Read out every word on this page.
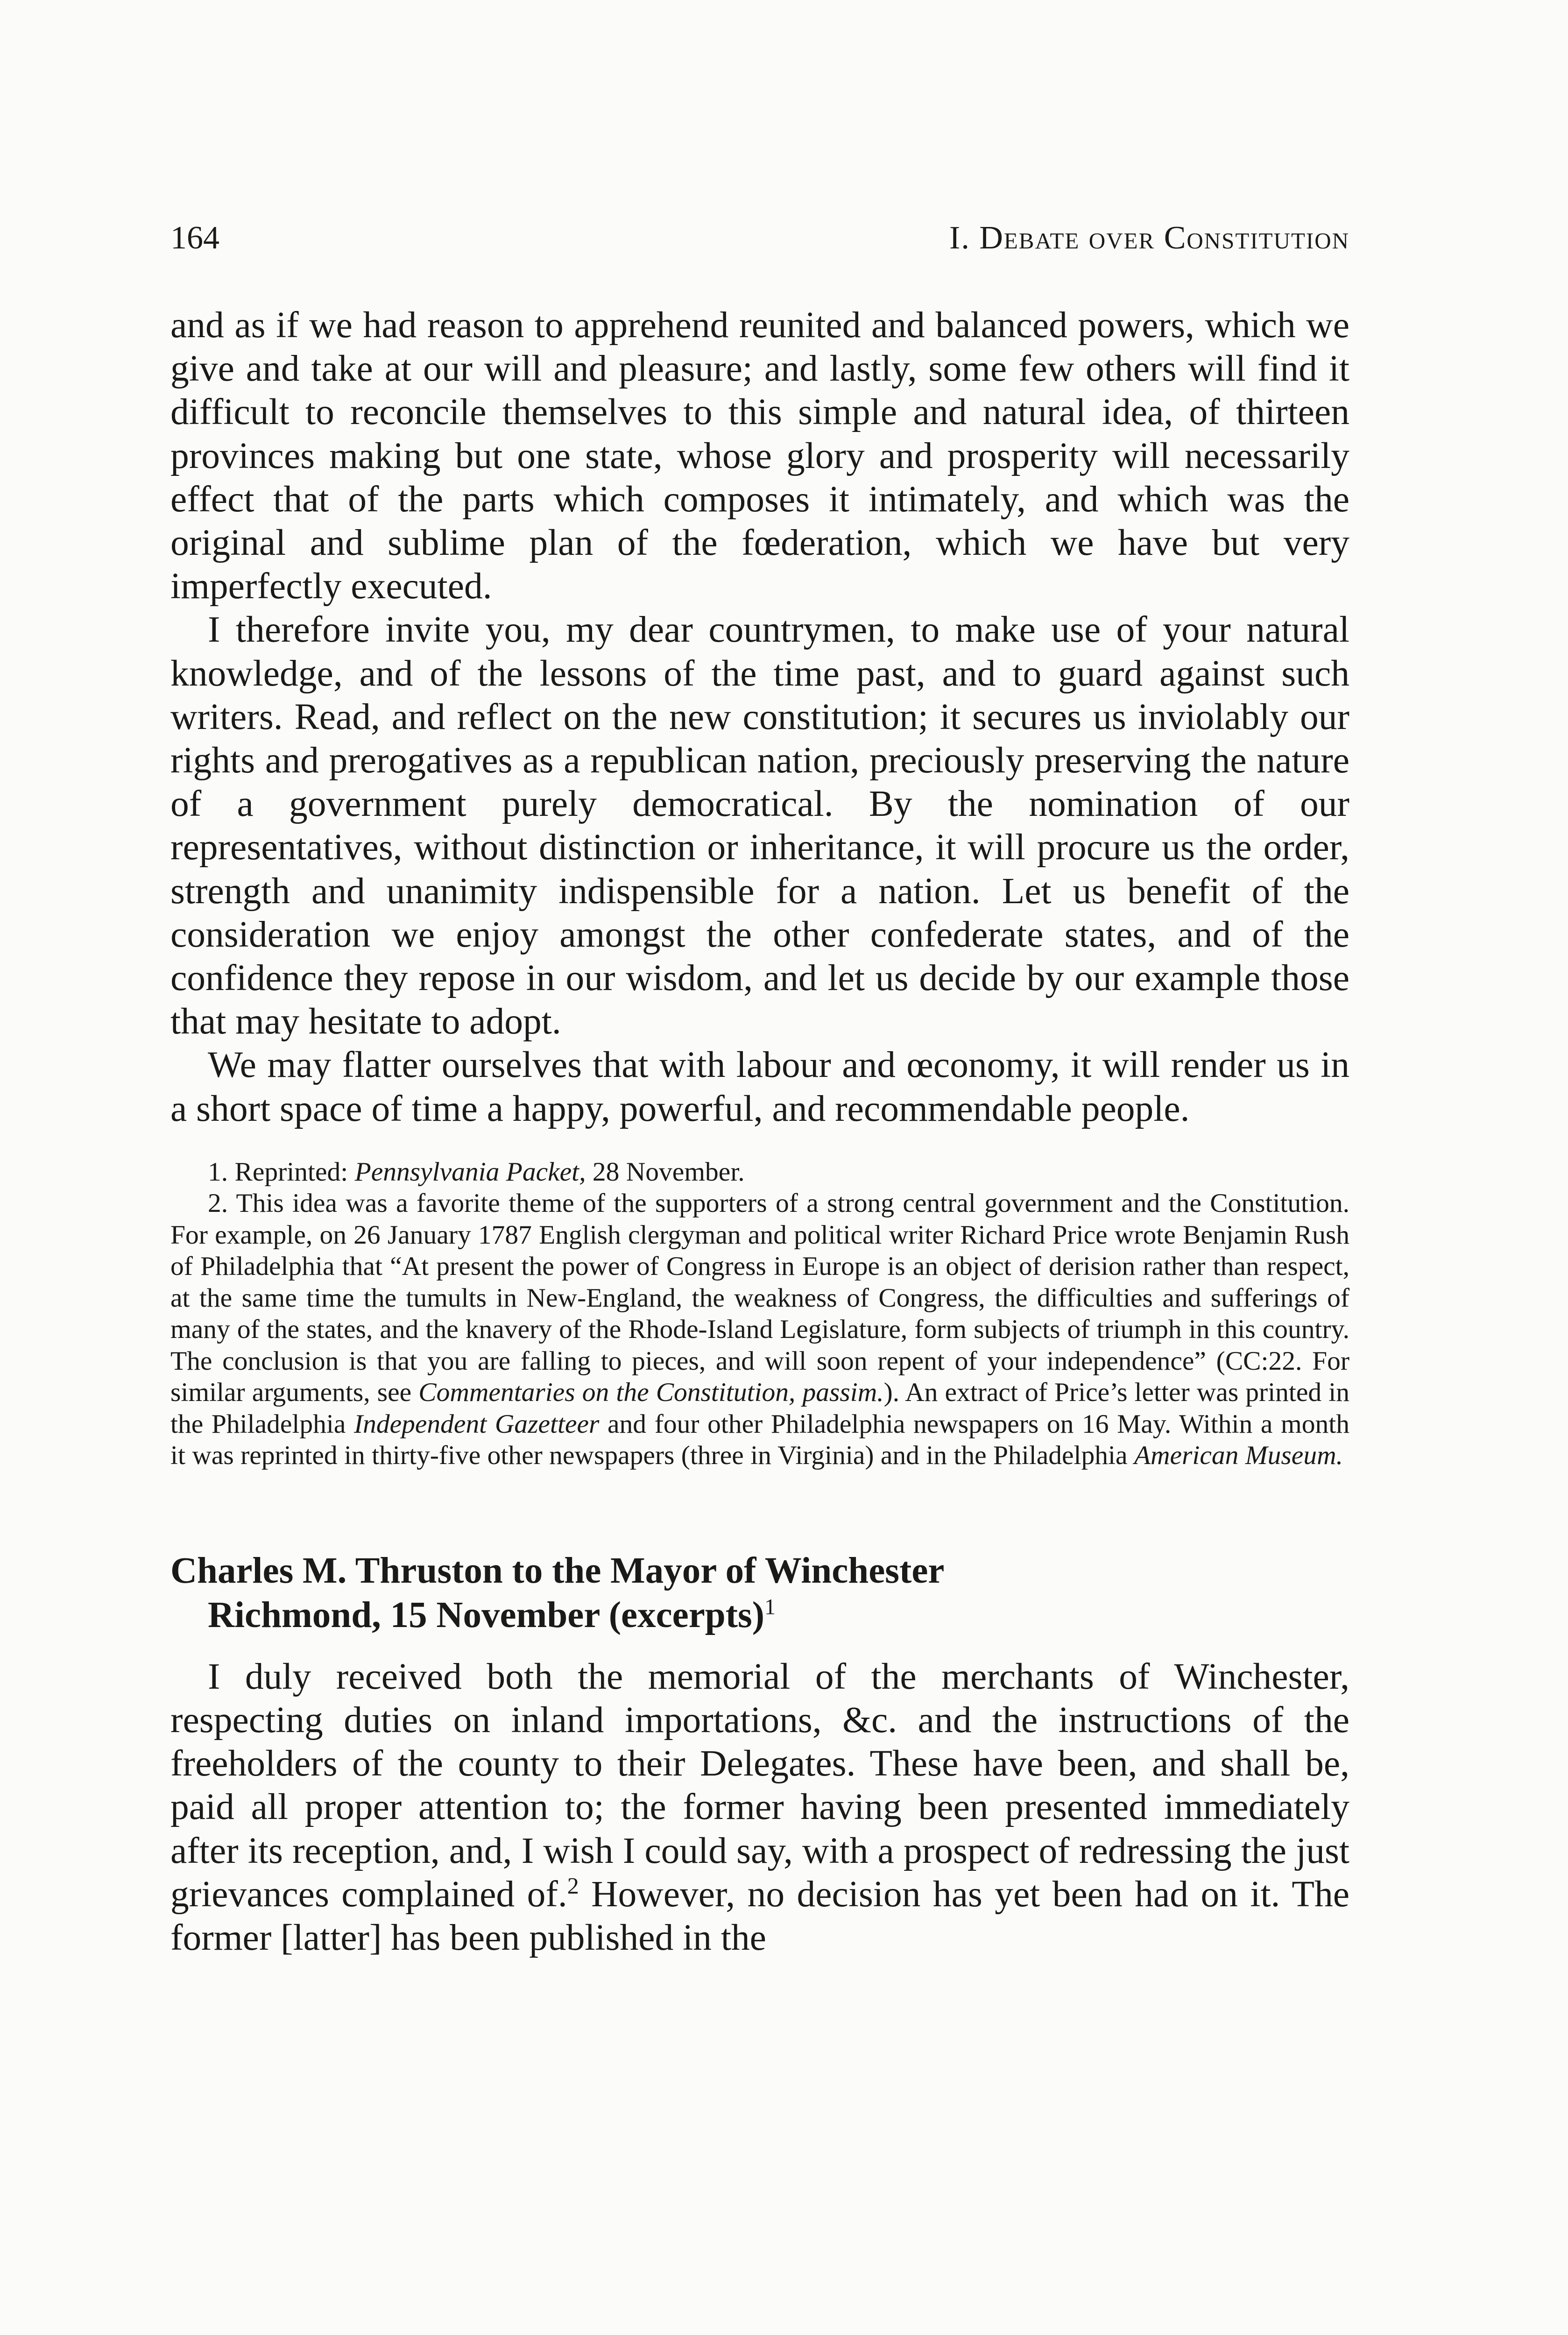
164	I. Debate over Constitution

and as if we had reason to apprehend reunited and balanced powers, which we give and take at our will and pleasure; and lastly, some few others will find it difficult to reconcile themselves to this simple and natural idea, of thirteen provinces making but one state, whose glory and prosperity will necessarily effect that of the parts which composes it intimately, and which was the original and sublime plan of the fœderation, which we have but very imperfectly executed.

I therefore invite you, my dear countrymen, to make use of your natural knowledge, and of the lessons of the time past, and to guard against such writers. Read, and reflect on the new constitution; it secures us inviolably our rights and prerogatives as a republican nation, preciously preserving the nature of a government purely democratical. By the nomination of our representatives, without distinction or inheritance, it will procure us the order, strength and unanimity indispensible for a nation. Let us benefit of the consideration we enjoy amongst the other confederate states, and of the confidence they repose in our wisdom, and let us decide by our example those that may hesitate to adopt.

We may flatter ourselves that with labour and œconomy, it will render us in a short space of time a happy, powerful, and recommendable people.

1. Reprinted: Pennsylvania Packet, 28 November.

2. This idea was a favorite theme of the supporters of a strong central government and the Constitution. For example, on 26 January 1787 English clergyman and political writer Richard Price wrote Benjamin Rush of Philadelphia that “At present the power of Congress in Europe is an object of derision rather than respect, at the same time the tumults in New-England, the weakness of Congress, the difficulties and sufferings of many of the states, and the knavery of the Rhode-Island Legislature, form subjects of triumph in this country. The conclusion is that you are falling to pieces, and will soon repent of your independence” (CC:22. For similar arguments, see Commentaries on the Constitution, passim.). An extract of Price’s letter was printed in the Philadelphia Independent Gazetteer and four other Philadelphia newspapers on 16 May. Within a month it was reprinted in thirty-five other newspapers (three in Virginia) and in the Philadelphia American Museum.

Charles M. Thruston to the Mayor of Winchester
Richmond, 15 November (excerpts)$^1$

I duly received both the memorial of the merchants of Winchester, respecting duties on inland importations, &c. and the instructions of the freeholders of the county to their Delegates. These have been, and shall be, paid all proper attention to; the former having been presented immediately after its reception, and, I wish I could say, with a prospect of redressing the just grievances complained of.$^2$ However, no decision has yet been had on it. The former [latter] has been published in the
